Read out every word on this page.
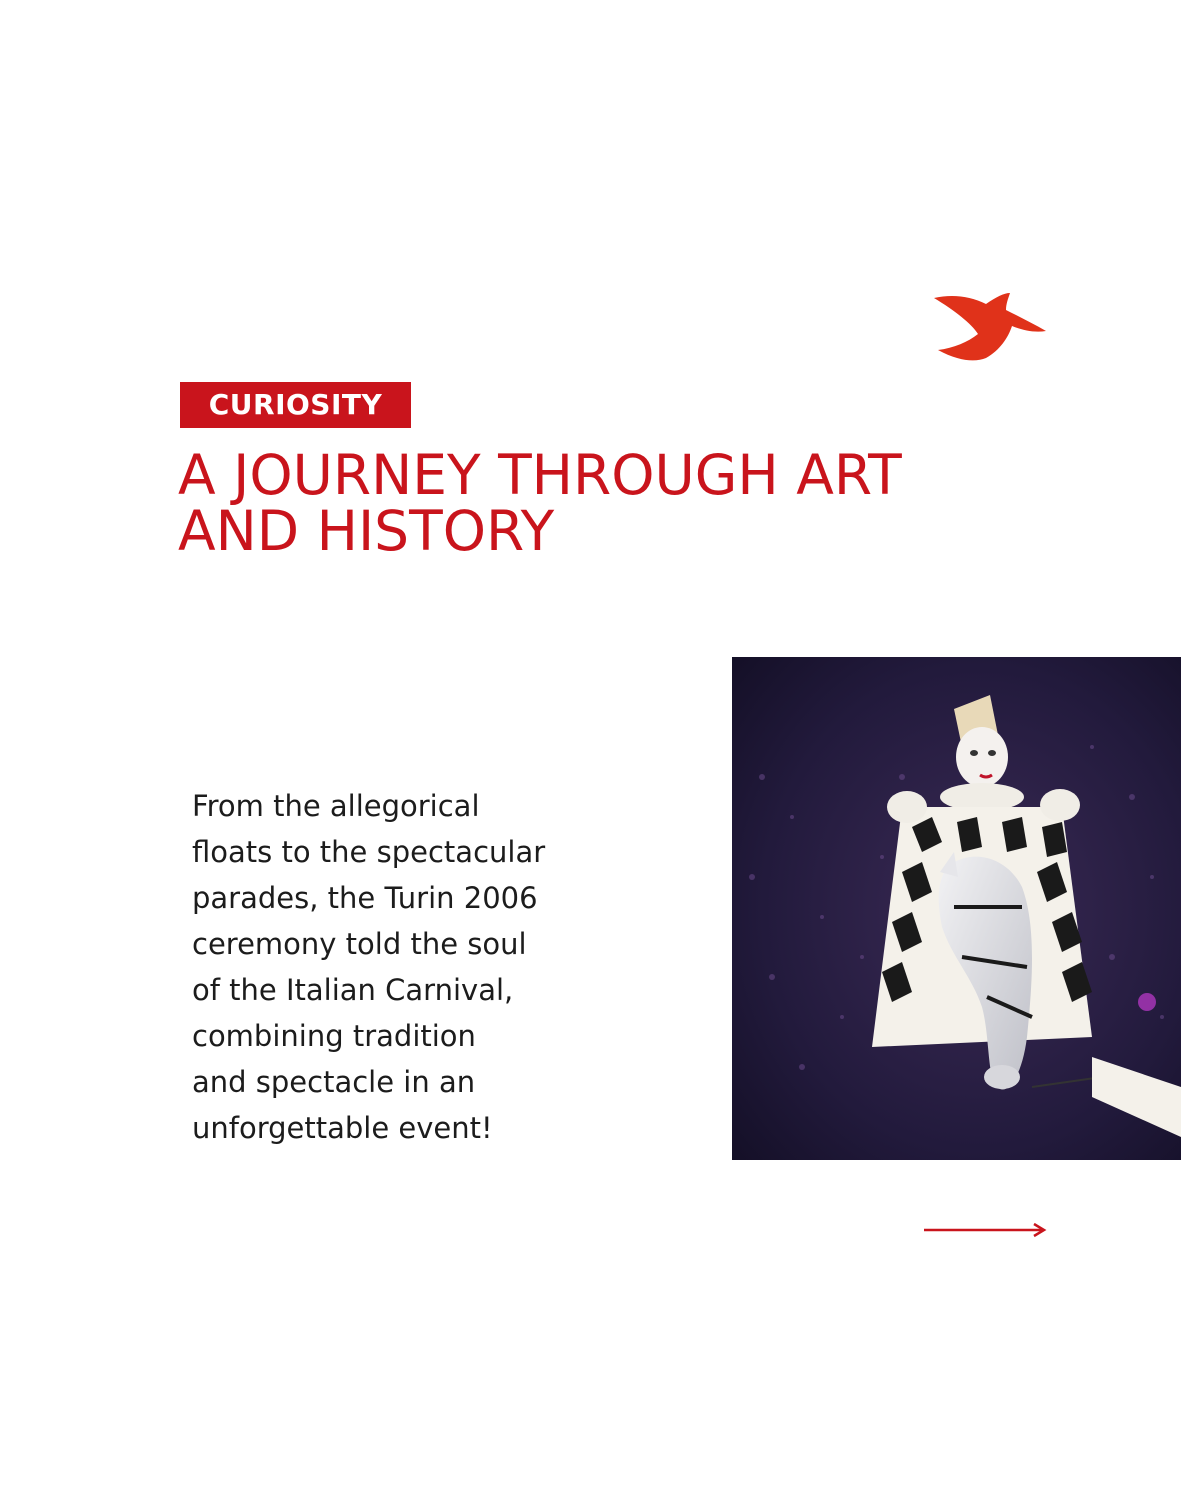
CURIOSITY
A JOURNEY THROUGH ART
AND HISTORY

From the allegorical
floats to the spectacular
parades, the Turin 2006
ceremony told the soul
of the Italian Carnival,
combining tradition
and spectacle in an
unforgettable event!
